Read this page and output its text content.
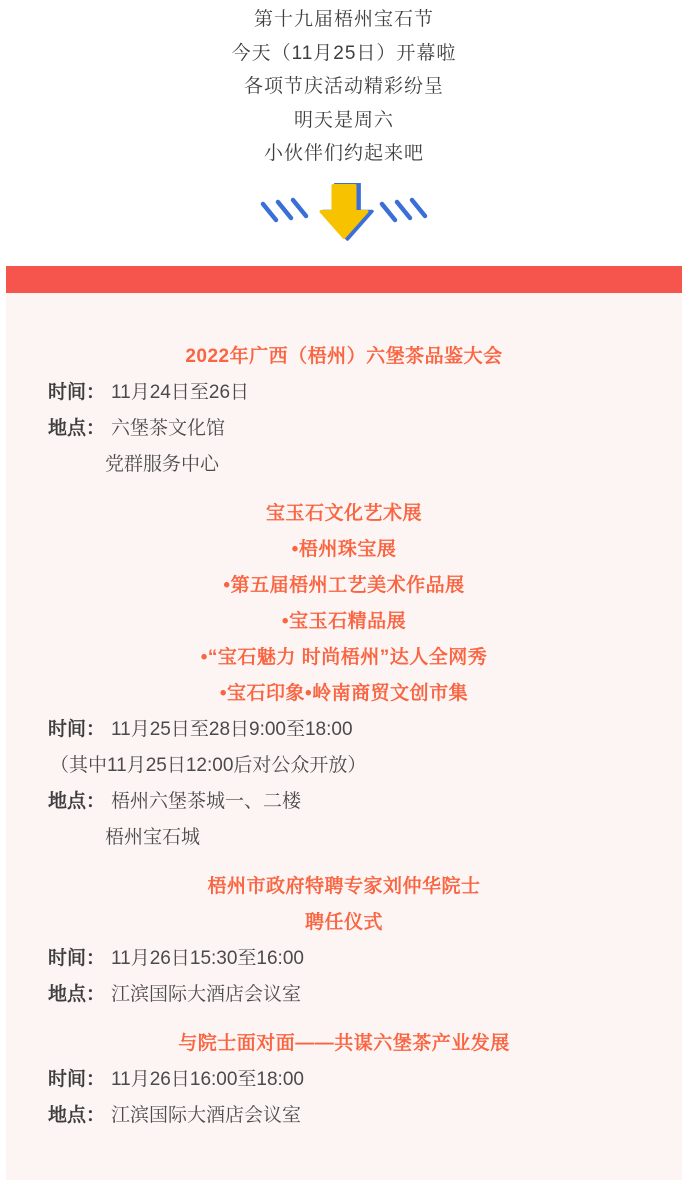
第十九届梧州宝石节
今天（11月25日）开幕啦
各项节庆活动精彩纷呈
明天是周六
小伙伴们约起来吧
2022年广西（梧州）六堡茶品鉴大会
时间： 11月24日至26日
地点： 六堡茶文化馆
党群服务中心
宝玉石文化艺术展
•梧州珠宝展
•第五届梧州工艺美术作品展
•宝玉石精品展
•“宝石魅力 时尚梧州”达人全网秀
•宝石印象•岭南商贸文创市集
时间： 11月25日至28日9:00至18:00
（其中11月25日12:00后对公众开放）
地点： 梧州六堡茶城一、二楼
梧州宝石城
梧州市政府特聘专家刘仲华院士
聘任仪式
时间： 11月26日15:30至16:00
地点： 江滨国际大酒店会议室
与院士面对面——共谋六堡茶产业发展
时间： 11月26日16:00至18:00
地点： 江滨国际大酒店会议室
